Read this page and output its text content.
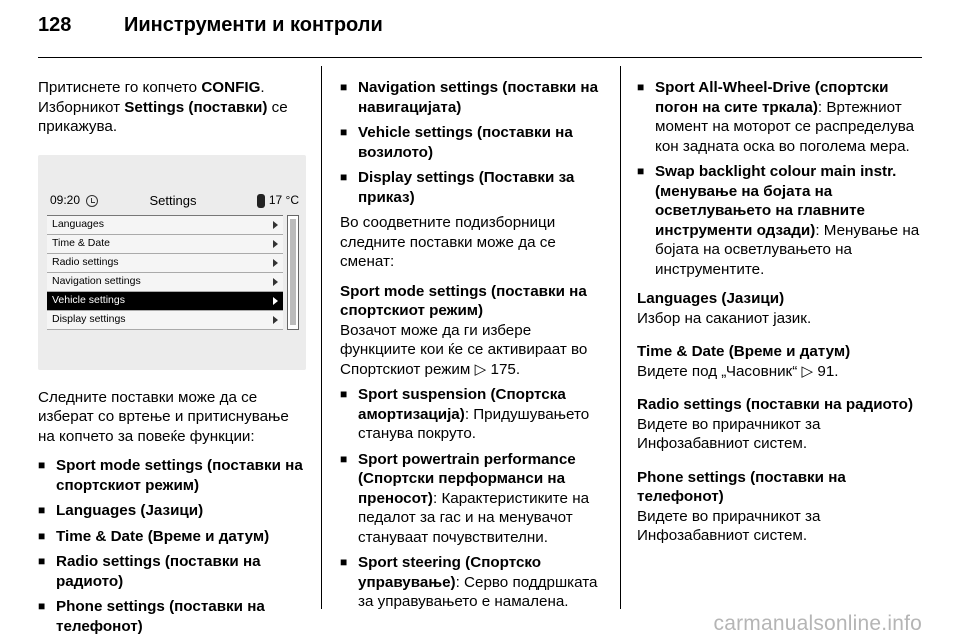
128	Иинструменти и контроли

Притиснете го копчето CONFIG.
Изборникот Settings (поставки) се прикажува.

09:20	Settings	17 °C
Languages
Time & Date
Radio settings
Navigation settings
Vehicle settings
Display settings

Следните поставки може да се изберат со вртење и притиснување на копчето за повеќе функции:

■ Sport mode settings (поставки на спортскиот режим)
■ Languages (Јазици)
■ Time & Date (Време и датум)
■ Radio settings (поставки на радиото)
■ Phone settings (поставки на телефонот)
■ Navigation settings (поставки на навигацијата)
■ Vehicle settings (поставки на возилото)
■ Display settings (Поставки за приказ)

Во соодветните подизборници следните поставки може да се сменат:

Sport mode settings (поставки на спортскиот режим)

Возачот може да ги избере функциите кои ќе се активираат во Спортскиот режим ▷ 175.

■ Sport suspension (Спортска амортизација): Придушувањето станува покруто.
■ Sport powertrain performance (Спортски перформанси на преносот): Карактеристиките на педалот за гас и на менувачот стануваат почувствителни.
■ Sport steering (Спортско управување): Серво поддршката за управувањето е намалена.
■ Sport All-Wheel-Drive (спортски погон на сите тркала): Вртежниот момент на моторот се распределува кон задната оска во поголема мера.
■ Swap backlight colour main instr. (менување на бојата на осветлувањето на главните инструменти одзади): Менување на бојата на осветлувањето на инструментите.
Languages (Јазици)
Избор на саканиот јазик.
Time & Date (Време и датум)
Видете под „Часовник“ ▷ 91.
Radio settings (поставки на радиото)
Видете во прирачникот за Инфозабавниот систем.
Phone settings (поставки на телефонот)
Видете во прирачникот за Инфозабавниот систем.
carmanualsonline.info
